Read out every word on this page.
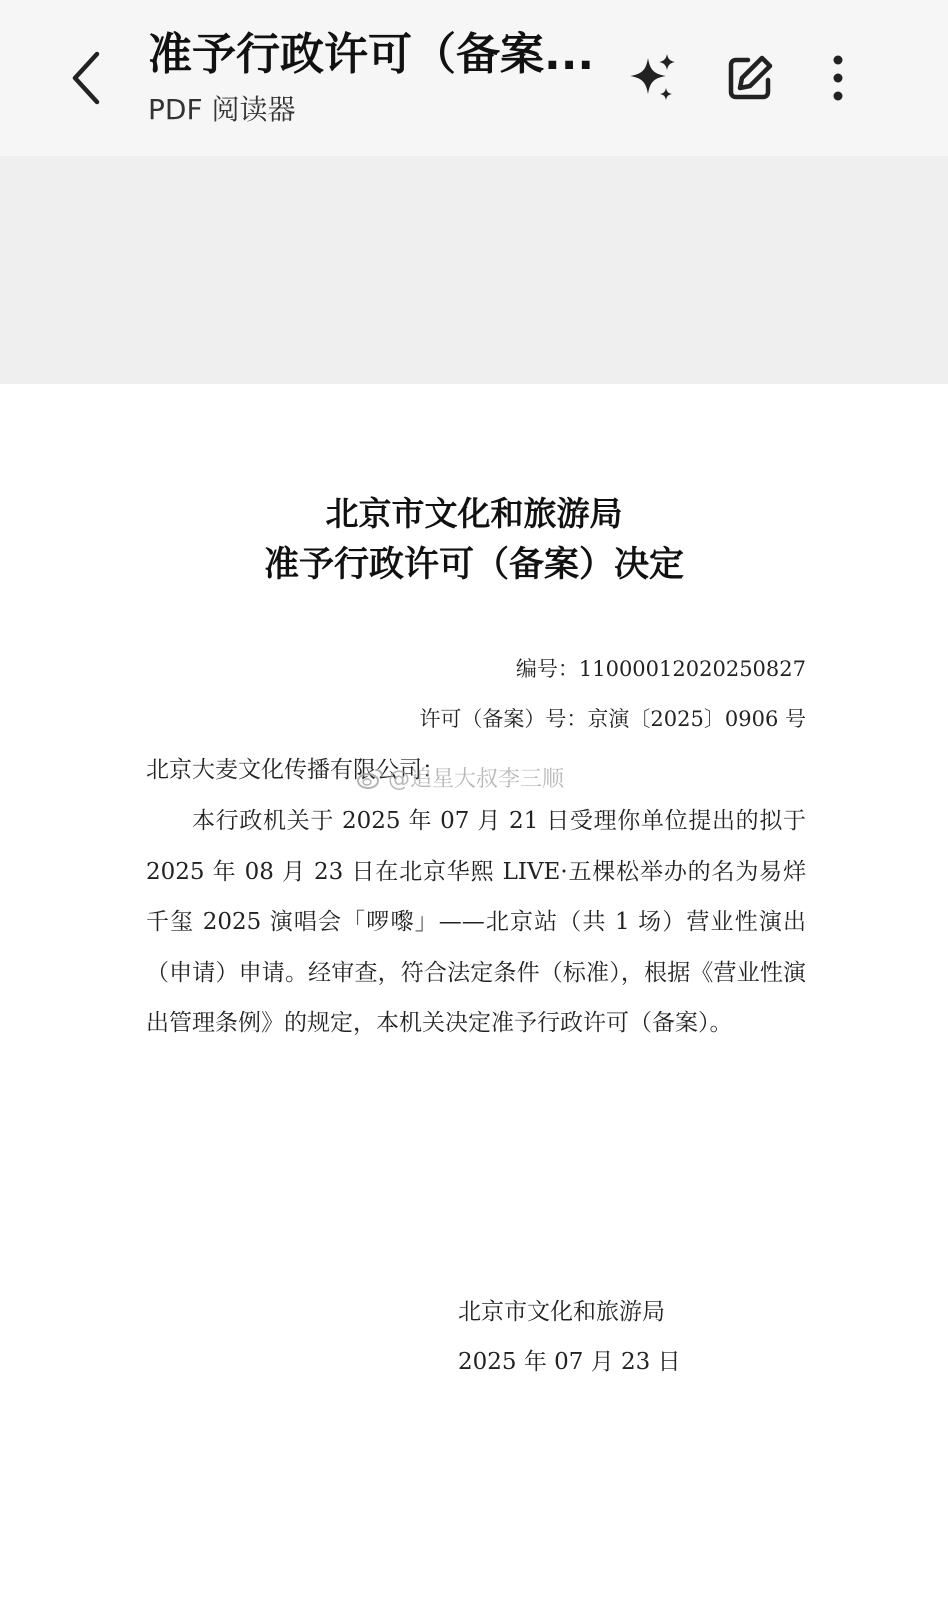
准予行政许可（备案...
PDF 阅读器
北京市文化和旅游局
准予行政许可（备案）决定
编号：11000012020250827
许可（备案）号：京演〔2025〕0906 号
北京大麦文化传播有限公司：
@追星大叔李三顺
本行政机关于 2025 年 07 月 21 日受理你单位提出的拟于 2025 年 08 月 23 日在北京华熙 LIVE·五棵松举办的名为易烊千玺 2025 演唱会「啰嚟」——北京站（共 1 场）营业性演出（申请）申请。经审查，符合法定条件（标准），根据《营业性演出管理条例》的规定，本机关决定准予行政许可（备案）。
北京市文化和旅游局
2025 年 07 月 23 日
